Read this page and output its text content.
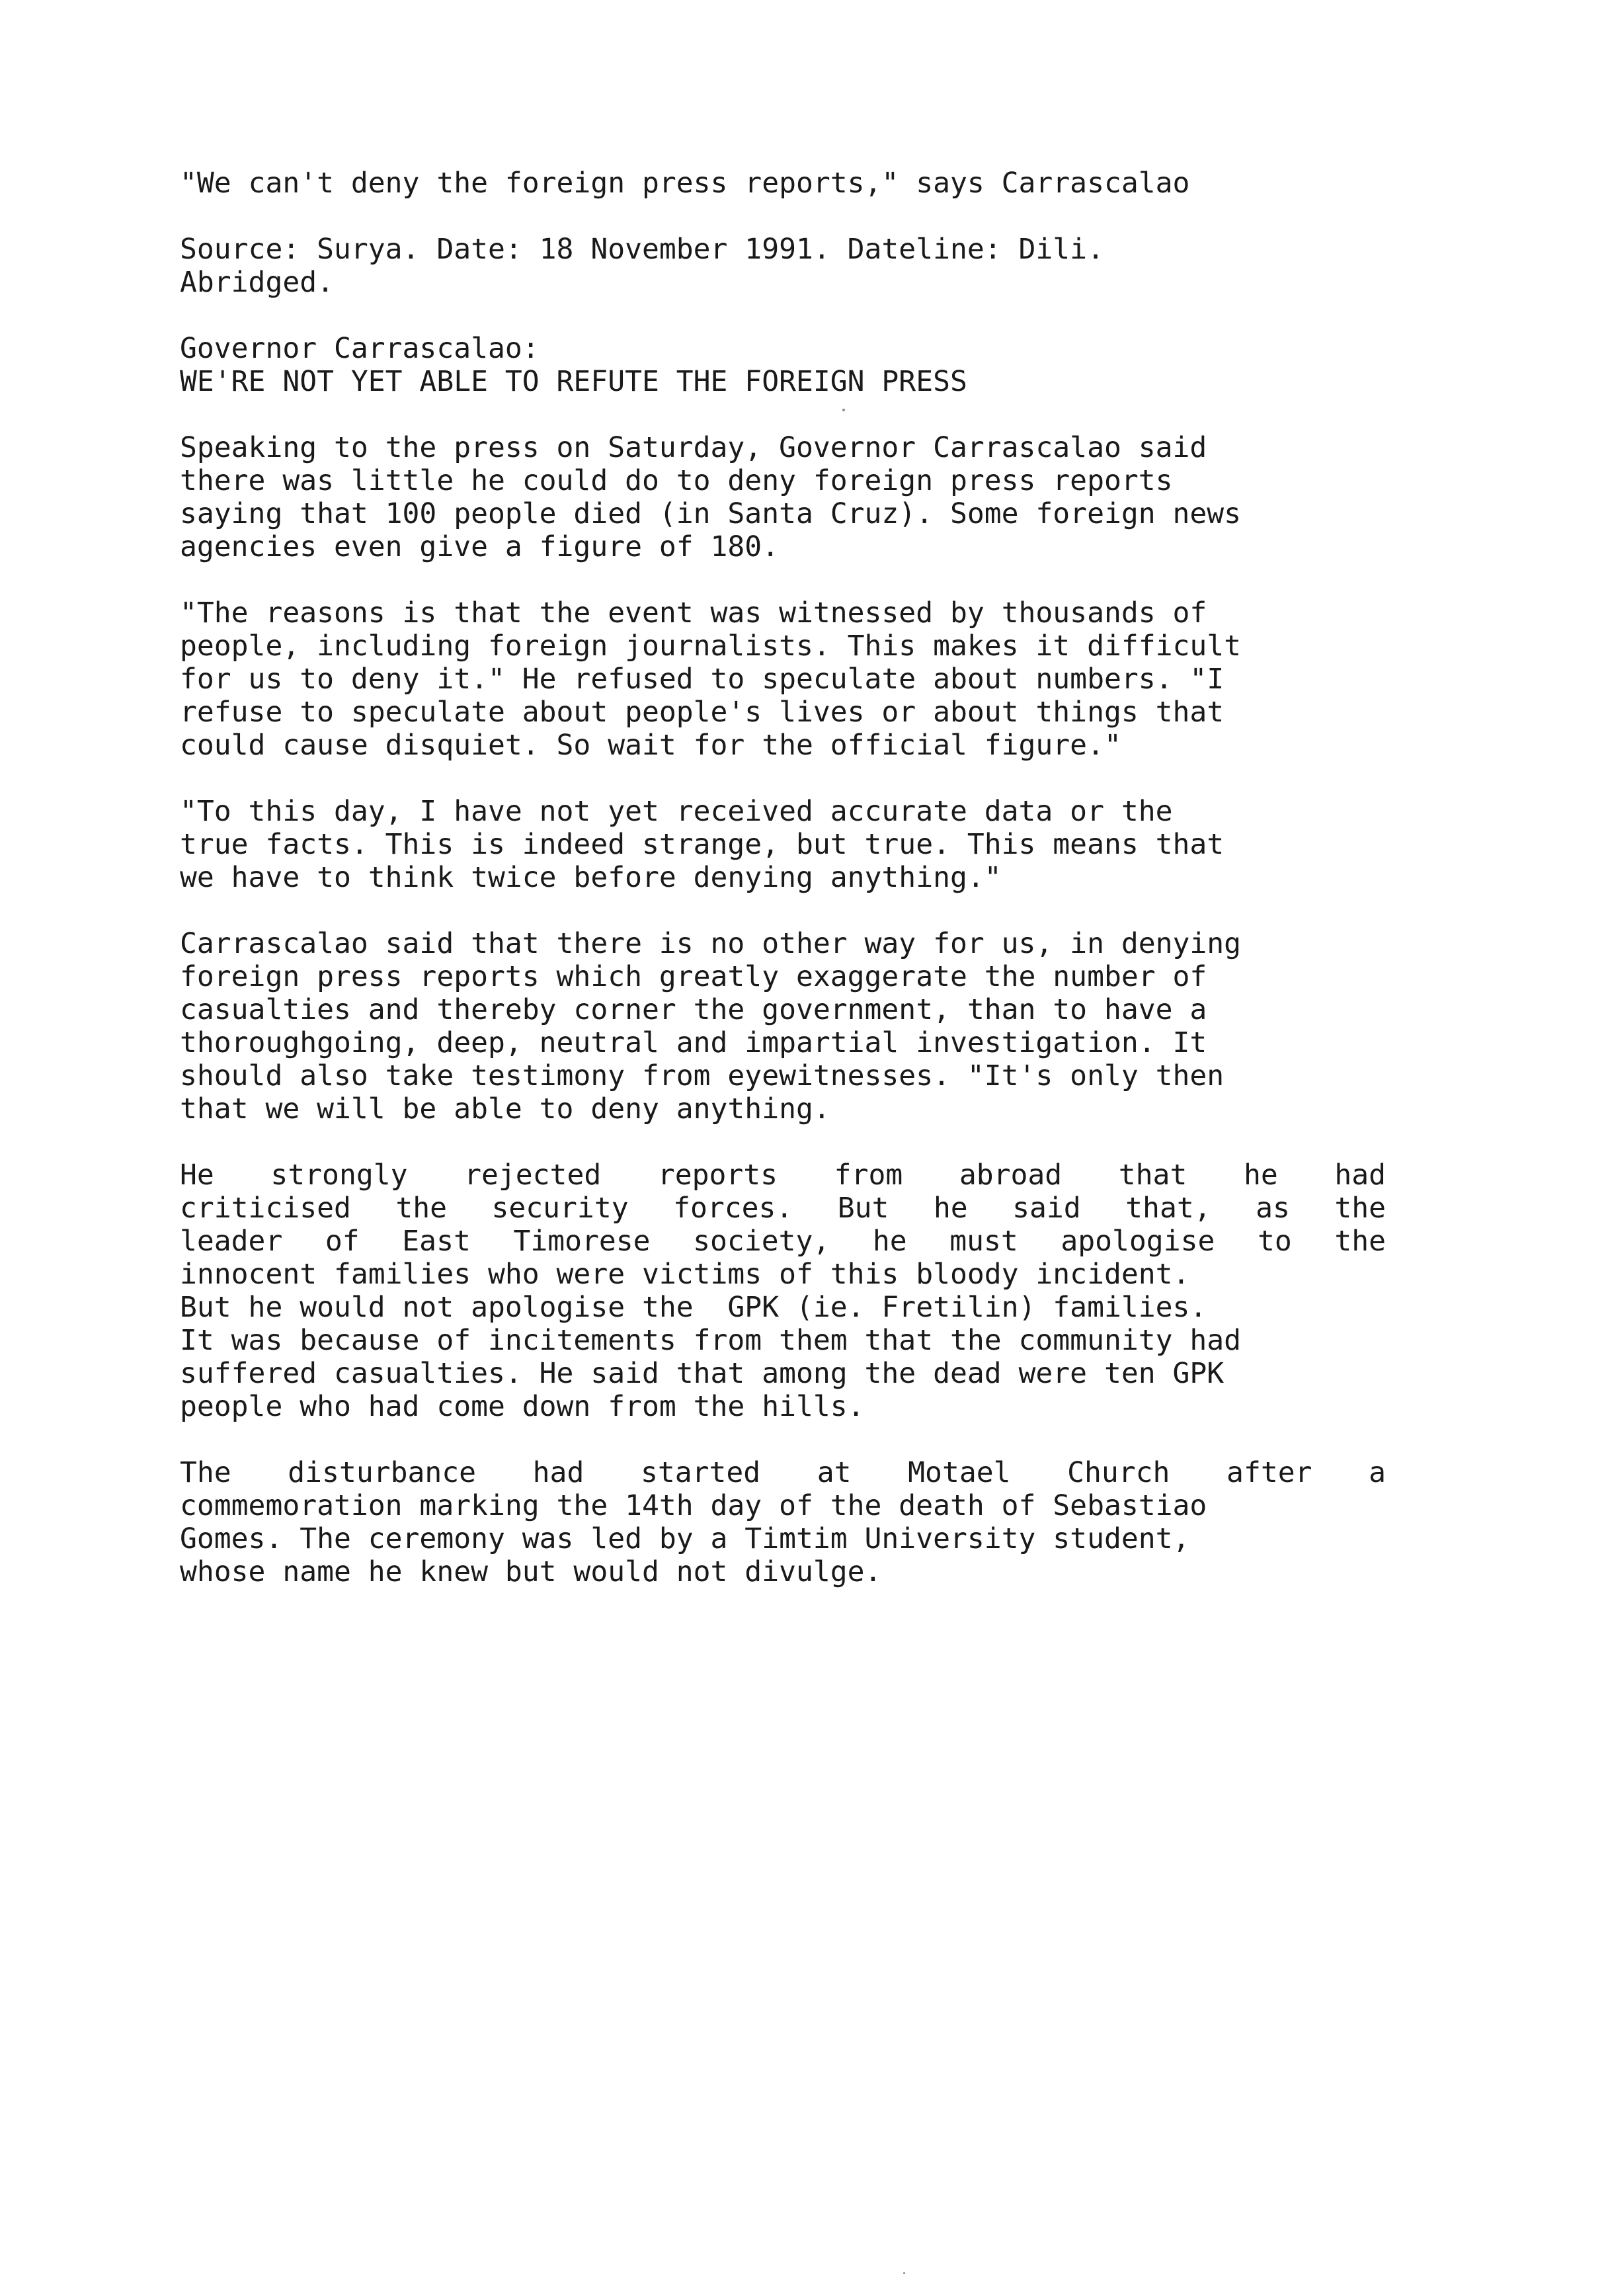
"We can't deny the foreign press reports," says Carrascalao
Source: Surya. Date: 18 November 1991. Dateline: Dili.
Abridged.
Governor Carrascalao:
WE'RE NOT YET ABLE TO REFUTE THE FOREIGN PRESS
Speaking to the press on Saturday, Governor Carrascalao said
there was little he could do to deny foreign press reports
saying that 100 people died (in Santa Cruz). Some foreign news
agencies even give a figure of 180.
"The reasons is that the event was witnessed by thousands of
people, including foreign journalists. This makes it difficult
for us to deny it." He refused to speculate about numbers. "I
refuse to speculate about people's lives or about things that
could cause disquiet. So wait for the official figure."
"To this day, I have not yet received accurate data or the
true facts. This is indeed strange, but true. This means that
we have to think twice before denying anything."
Carrascalao said that there is no other way for us, in denying
foreign press reports which greatly exaggerate the number of
casualties and thereby corner the government, than to have a
thoroughgoing, deep, neutral and impartial investigation. It
should also take testimony from eyewitnesses. "It's only then
that we will be able to deny anything.
He strongly rejected reports from abroad that he had
criticised the security forces. But he said that, as the
leader of East Timorese society, he must apologise to the
innocent families who were victims of this bloody incident.
But he would not apologise the  GPK (ie. Fretilin) families.
It was because of incitements from them that the community had
suffered casualties. He said that among the dead were ten GPK
people who had come down from the hills.
The disturbance had started at Motael Church after a
commemoration marking the 14th day of the death of Sebastiao
Gomes. The ceremony was led by a Timtim University student,
whose name he knew but would not divulge.
